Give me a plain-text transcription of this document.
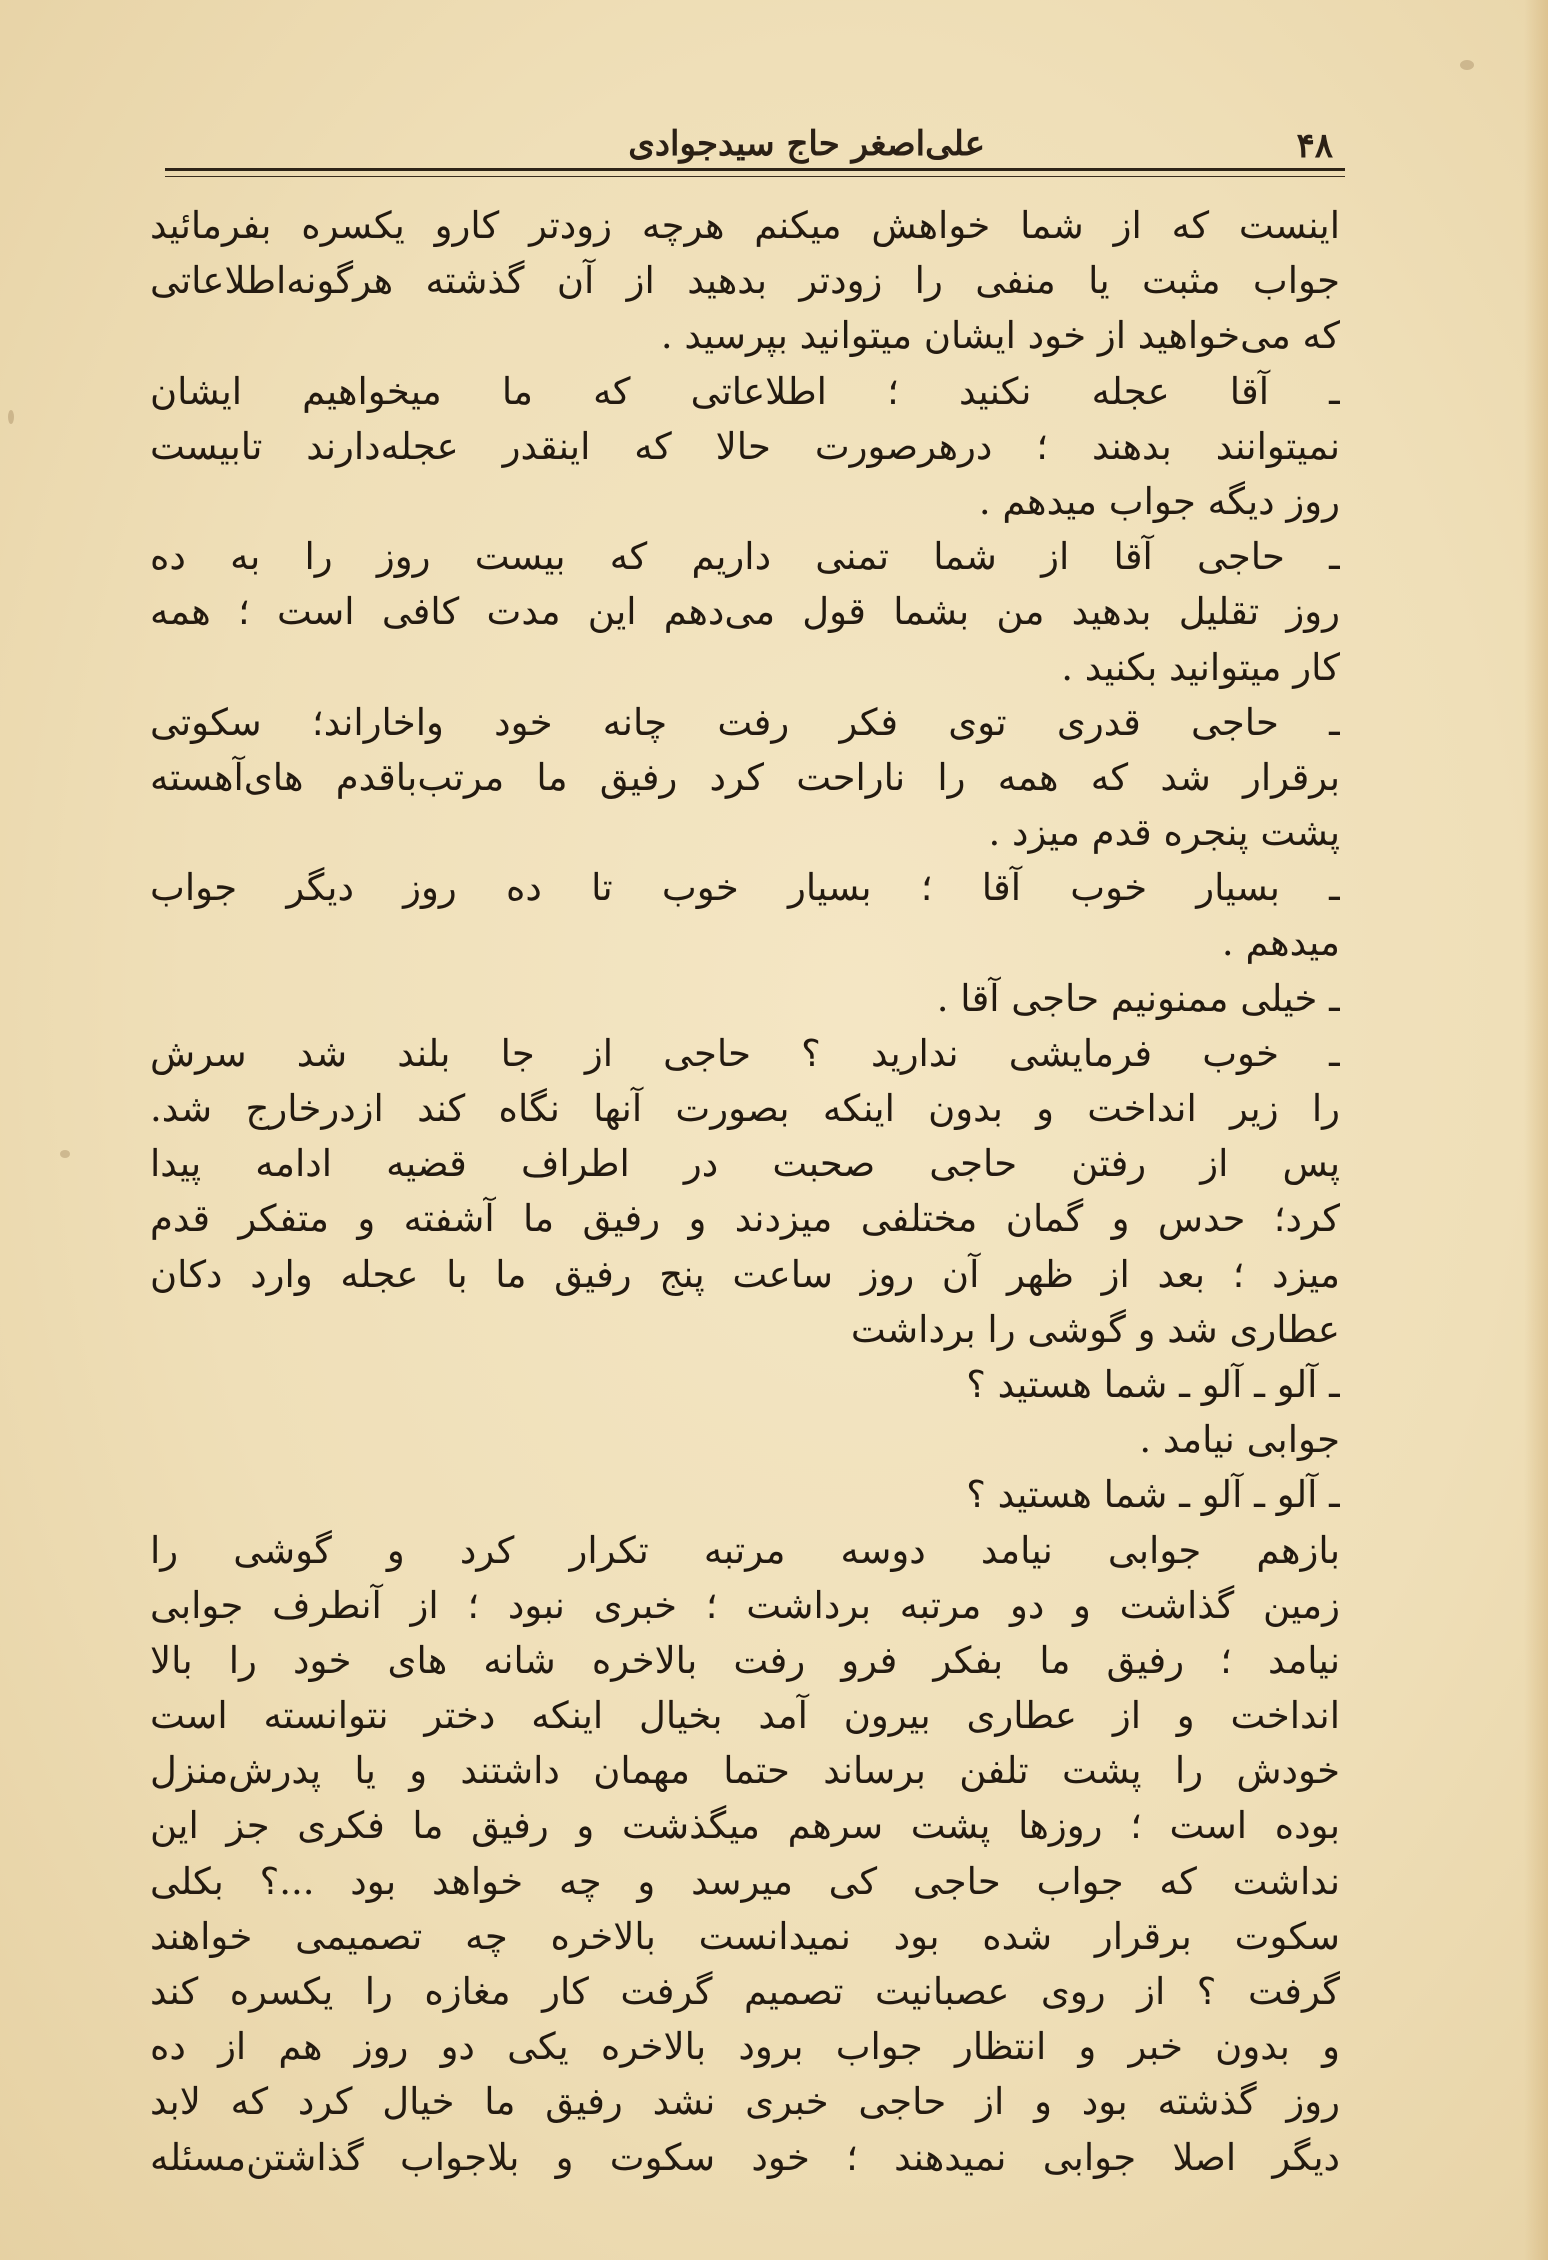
۴۸
علی‌اصغر حاج سیدجوادی
اینست که از شما خواهش میکنم هرچه زودتر کارو یکسره بفرمائید
جواب مثبت یا منفی را زودتر بدهید از آن گذشته هرگونه‌اطلاعاتی
که می‌خواهید از خود ایشان میتوانید بپرسید .
ـ آقا عجله نکنید ؛ اطلاعاتی که ما میخواهیم ایشان
نمیتوانند بدهند ؛ درهرصورت حالا که اینقدر عجله‌دارند تابیست
روز دیگه جواب میدهم .
ـ حاجی آقا از شما تمنی داریم که بیست روز را به ده
روز تقلیل بدهید من بشما قول می‌دهم این مدت کافی است ؛ همه
کار میتوانید بکنید .
ـ حاجی قدری توی فکر رفت چانه خود واخاراند؛ سکوتی
برقرار شد که همه را ناراحت کرد رفیق ما مرتب‌باقدم های‌آهسته
پشت پنجره قدم میزد .
ـ بسیار خوب آقا ؛ بسیار خوب تا ده روز دیگر جواب
میدهم .
ـ خیلی ممنونیم حاجی آقا .
ـ خوب فرمایشی ندارید ؟ حاجی از جا بلند شد سرش
را زیر انداخت و بدون اینکه بصورت آنها نگاه کند ازدرخارج شد.
پس از رفتن حاجی صحبت در اطراف قضیه ادامه پیدا
کرد؛ حدس و گمان مختلفی میزدند و رفیق ما آشفته و متفکر قدم
میزد ؛ بعد از ظهر آن روز ساعت پنج رفیق ما با عجله وارد دکان
عطاری شد و گوشی را برداشت
ـ آلو ـ آلو ـ شما هستید ؟
جوابی نیامد .
ـ آلو ـ آلو ـ شما هستید ؟
بازهم جوابی نیامد دوسه مرتبه تکرار کرد و گوشی را
زمین گذاشت و دو مرتبه برداشت ؛ خبری نبود ؛ از آنطرف جوابی
نیامد ؛ رفیق ما بفکر فرو رفت بالاخره شانه های خود را بالا
انداخت و از عطاری بیرون آمد بخیال اینکه دختر نتوانسته است
خودش را پشت تلفن برساند حتما مهمان داشتند و یا پدرش‌منزل
بوده است ؛ روزها پشت سرهم میگذشت و رفیق ما فکری جز این
نداشت که جواب حاجی کی میرسد و چه خواهد بود ...؟ بکلی
سکوت برقرار شده بود نمیدانست بالاخره چه تصمیمی خواهند
گرفت ؟ از روی عصبانیت تصمیم گرفت کار مغازه را یکسره کند
و بدون خبر و انتظار جواب برود بالاخره یکی دو روز هم از ده
روز گذشته بود و از حاجی خبری نشد رفیق ما خیال کرد که لابد
دیگر اصلا جوابی نمیدهند ؛ خود سکوت و بلاجواب گذاشتن‌مسئله
